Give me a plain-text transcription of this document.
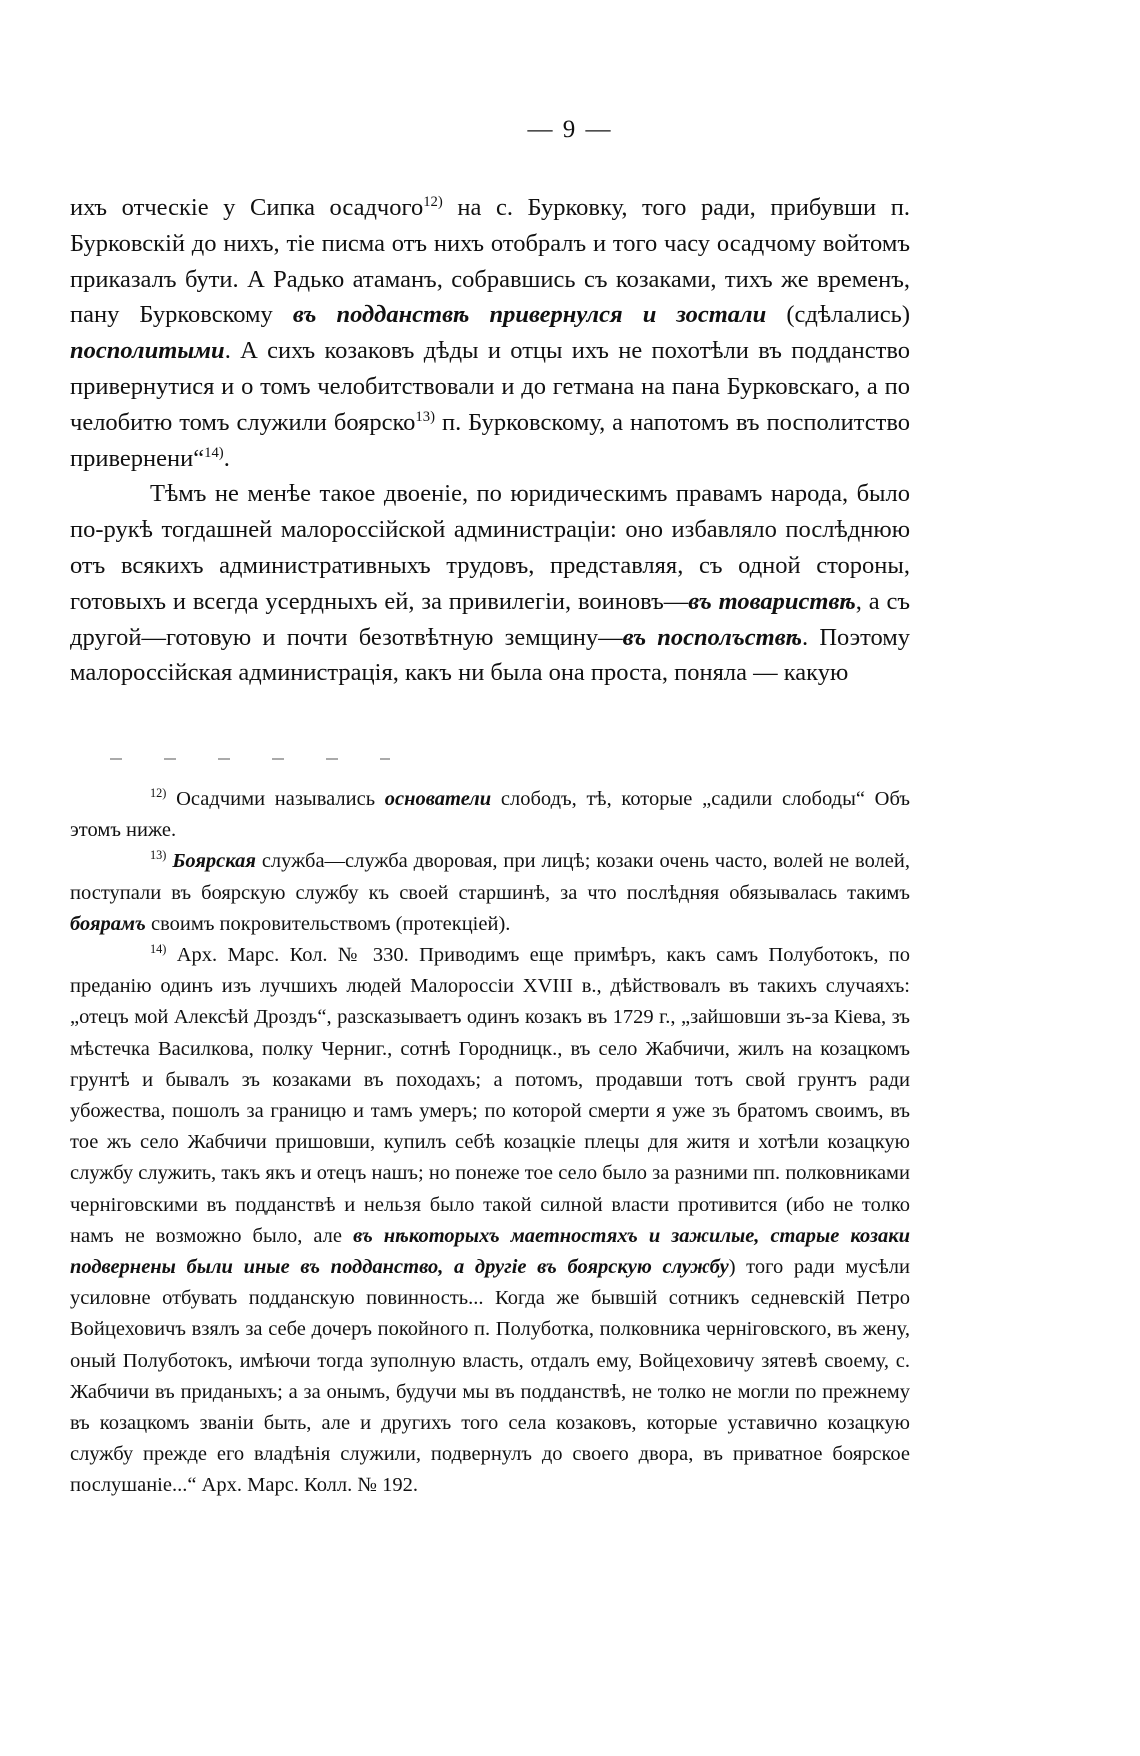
— 9 —

ихъ отческіе у Сипка осадчого$^{12)}$ на с. Бурковку, того ради, прибувши п. Бурковскій до нихъ, тіе писма отъ нихъ отобралъ и того часу осадчому войтомъ приказалъ бути. А Радько атаманъ, собравшись съ козаками, тихъ же временъ, пану Бурковскому въ подданствѣ привернулся и зостали (сдѣлались) посполитыми. А сихъ козаковъ дѣды и отцы ихъ не похотѣли въ подданство привернутися и о томъ челобитствовали и до гетмана на пана Бурковскаго, а по челобитю томъ служили боярско$^{13)}$ п. Бурковскому, а напотомъ въ посполитство привернени“$^{14)}$.

Тѣмъ не менѣе такое двоеніе, по юридическимъ правамъ народа, было по-рукѣ тогдашней малороссійской администраціи: оно избавляло послѣднюю отъ всякихъ административныхъ трудовъ, представляя, съ одной стороны, готовыхъ и всегда усердныхъ ей, за привилегіи, воиновъ—въ товариствѣ, а съ другой—готовую и почти безотвѣтную земщину—въ посполъствѣ. Поэтому малороссійская администрація, какъ ни была она проста, поняла — какую

$^{12)}$ Осадчими назывались основатели слободъ, тѣ, которые „садили слободы“ Объ этомъ ниже.

$^{13)}$ Боярская служба—служба дворовая, при лицѣ; козаки очень часто, волей не волей, поступали въ боярскую службу къ своей старшинѣ, за что послѣдняя обязывалась такимъ боярамъ своимъ покровительствомъ (протекціей).

$^{14)}$ Арх. Марс. Кол. № 330. Приводимъ еще примѣръ, какъ самъ Полуботокъ, по преданію одинъ изъ лучшихъ людей Малороссіи XVIII в., дѣйствовалъ въ такихъ случаяхъ: „отецъ мой Алексѣй Дроздъ“, разсказываетъ одинъ козакъ въ 1729 г., „зайшовши зъ-за Кіева, зъ мѣстечка Василкова, полку Черниг., сотнѣ Городницк., въ село Жабчичи, жилъ на козацкомъ грунтѣ и бывалъ зъ козаками въ походахъ; а потомъ, продавши тотъ свой грунтъ ради убожества, пошолъ за границю и тамъ умеръ; по которой смерти я уже зъ братомъ своимъ, въ тое жъ село Жабчичи пришовши, купилъ себѣ козацкіе плецы для житя и хотѣли козацкую службу служить, такъ якъ и отецъ нашъ; но понеже тое село было за разними пп. полковниками черніговскими въ подданствѣ и нельзя было такой силной власти противится (ибо не толко намъ не возможно было, але въ нѣкоторыхъ маетностяхъ и зажилые, старые козаки подвернены были иные въ подданство, а другіе въ боярскую службу) того ради мусѣли усиловне отбувать подданскую повинность... Когда же бывшій сотникъ седневскій Петро Войцеховичъ взялъ за себе дочеръ покойного п. Полуботка, полковника черніговского, въ жену, оный Полуботокъ, имѣючи тогда зуполную власть, отдалъ ему, Войцеховичу зятевѣ своему, с. Жабчичи въ приданыхъ; а за онымъ, будучи мы въ подданствѣ, не толко не могли по прежнему въ козацкомъ званіи быть, але и другихъ того села козаковъ, которые уставично козацкую службу прежде его владѣнія служили, подвернулъ до своего двора, въ приватное боярское послушаніе...“ Арх. Марс. Колл. № 192.
